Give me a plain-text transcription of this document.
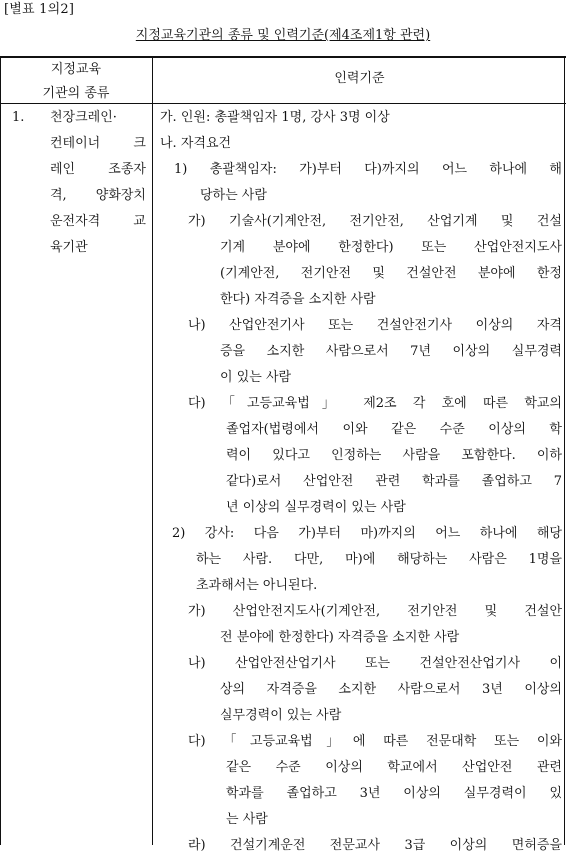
[별표 1의2]
지정교육기관의 종류 및 인력기준(제4조제1항 관련)
지정교육
기관의 종류
인력기준
1. 천장크레인·
컨테이너 크
레인 조종자
격, 양화장치
운전자격 교
육기관
가. 인원: 총괄책임자 1명, 강사 3명 이상
나. 자격요건
1) 총괄책임자: 가)부터 다)까지의 어느 하나에 해
당하는 사람
가) 기술사(기계안전, 전기안전, 산업기계 및 건설
기계 분야에 한정한다) 또는 산업안전지도사
(기계안전, 전기안전 및 건설안전 분야에 한정
한다) 자격증을 소지한 사람
나) 산업안전기사 또는 건설안전기사 이상의 자격
증을 소지한 사람으로서 7년 이상의 실무경력
이 있는 사람
다) 「고등교육법」 제2조 각 호에 따른 학교의
졸업자(법령에서 이와 같은 수준 이상의 학
력이 있다고 인정하는 사람을 포함한다. 이하
같다)로서 산업안전 관련 학과를 졸업하고 7
년 이상의 실무경력이 있는 사람
2) 강사: 다음 가)부터 마)까지의 어느 하나에 해당
하는 사람. 다만, 마)에 해당하는 사람은 1명을
초과해서는 아니된다.
가) 산업안전지도사(기계안전, 전기안전 및 건설안
전 분야에 한정한다) 자격증을 소지한 사람
나) 산업안전산업기사 또는 건설안전산업기사 이
상의 자격증을 소지한 사람으로서 3년 이상의
실무경력이 있는 사람
다) 「고등교육법」에 따른 전문대학 또는 이와
같은 수준 이상의 학교에서 산업안전 관련
학과를 졸업하고 3년 이상의 실무경력이 있
는 사람
라) 건설기계운전 전문교사 3급 이상의 면허증을
